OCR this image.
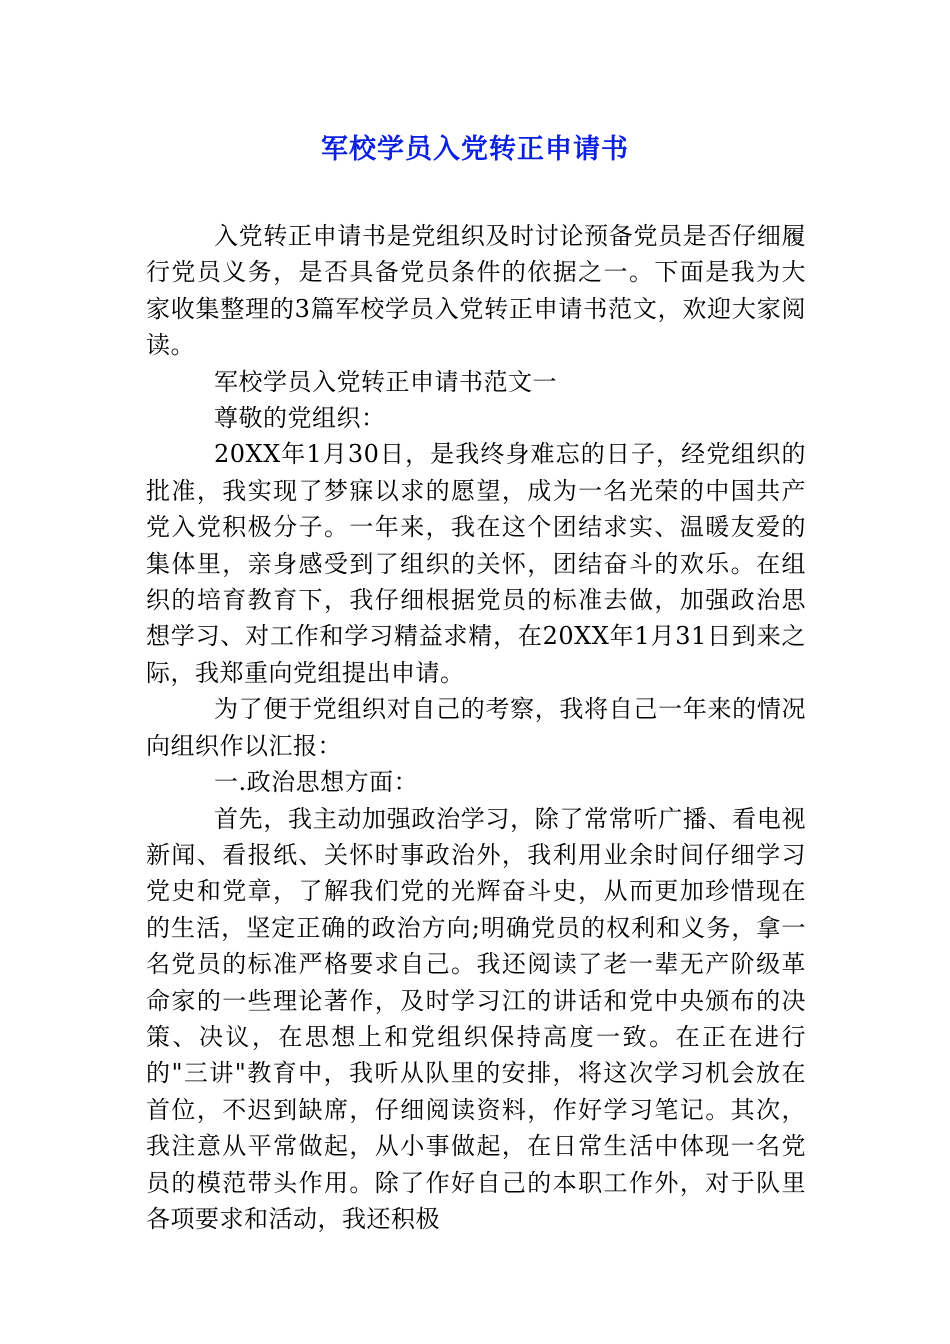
军校学员入党转正申请书

入党转正申请书是党组织及时讨论预备党员是否仔细履行党员义务，是否具备党员条件的依据之一。下面是我为大家收集整理的3篇军校学员入党转正申请书范文，欢迎大家阅读。

军校学员入党转正申请书范文一

尊敬的党组织：

20XX年1月30日，是我终身难忘的日子，经党组织的批准，我实现了梦寐以求的愿望，成为一名光荣的中国共产党入党积极分子。一年来，我在这个团结求实、温暖友爱的集体里，亲身感受到了组织的关怀，团结奋斗的欢乐。在组织的培育教育下，我仔细根据党员的标准去做，加强政治思想学习、对工作和学习精益求精，在20XX年1月31日到来之际，我郑重向党组提出申请。

为了便于党组织对自己的考察，我将自己一年来的情况向组织作以汇报：

一.政治思想方面：

首先，我主动加强政治学习，除了常常听广播、看电视新闻、看报纸、关怀时事政治外，我利用业余时间仔细学习党史和党章，了解我们党的光辉奋斗史，从而更加珍惜现在的生活，坚定正确的政治方向;明确党员的权利和义务，拿一名党员的标准严格要求自己。我还阅读了老一辈无产阶级革命家的一些理论著作，及时学习江的讲话和党中央颁布的决策、决议，在思想上和党组织保持高度一致。在正在进行的"三讲"教育中，我听从队里的安排，将这次学习机会放在首位，不迟到缺席，仔细阅读资料，作好学习笔记。其次，我注意从平常做起，从小事做起，在日常生活中体现一名党员的模范带头作用。除了作好自己的本职工作外，对于队里各项要求和活动，我还积极
